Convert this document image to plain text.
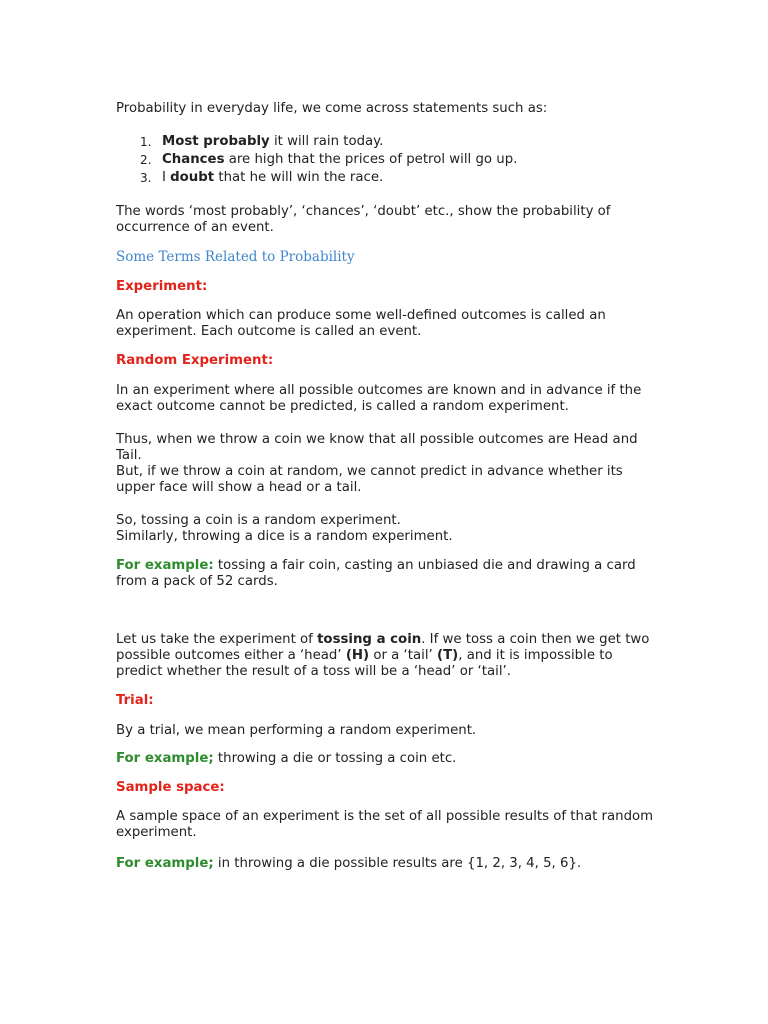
Probability in everyday life, we come across statements such as:

1. Most probably it will rain today.
2. Chances are high that the prices of petrol will go up.
3. I doubt that he will win the race.

The words ‘most probably’, ‘chances’, ‘doubt’ etc., show the probability of occurrence of an event.

Some Terms Related to Probability

Experiment:

An operation which can produce some well-defined outcomes is called an experiment. Each outcome is called an event.

Random Experiment:

In an experiment where all possible outcomes are known and in advance if the exact outcome cannot be predicted, is called a random experiment.

Thus, when we throw a coin we know that all possible outcomes are Head and Tail.

But, if we throw a coin at random, we cannot predict in advance whether its upper face will show a head or a tail.

So, tossing a coin is a random experiment.

Similarly, throwing a dice is a random experiment.

For example: tossing a fair coin, casting an unbiased die and drawing a card from a pack of 52 cards.

Let us take the experiment of tossing a coin. If we toss a coin then we get two possible outcomes either a ‘head’ (H) or a ‘tail’ (T), and it is impossible to predict whether the result of a toss will be a ‘head’ or ‘tail’.

Trial:

By a trial, we mean performing a random experiment.

For example; throwing a die or tossing a coin etc.

Sample space:

A sample space of an experiment is the set of all possible results of that random experiment.

For example; in throwing a die possible results are {1, 2, 3, 4, 5, 6}.
